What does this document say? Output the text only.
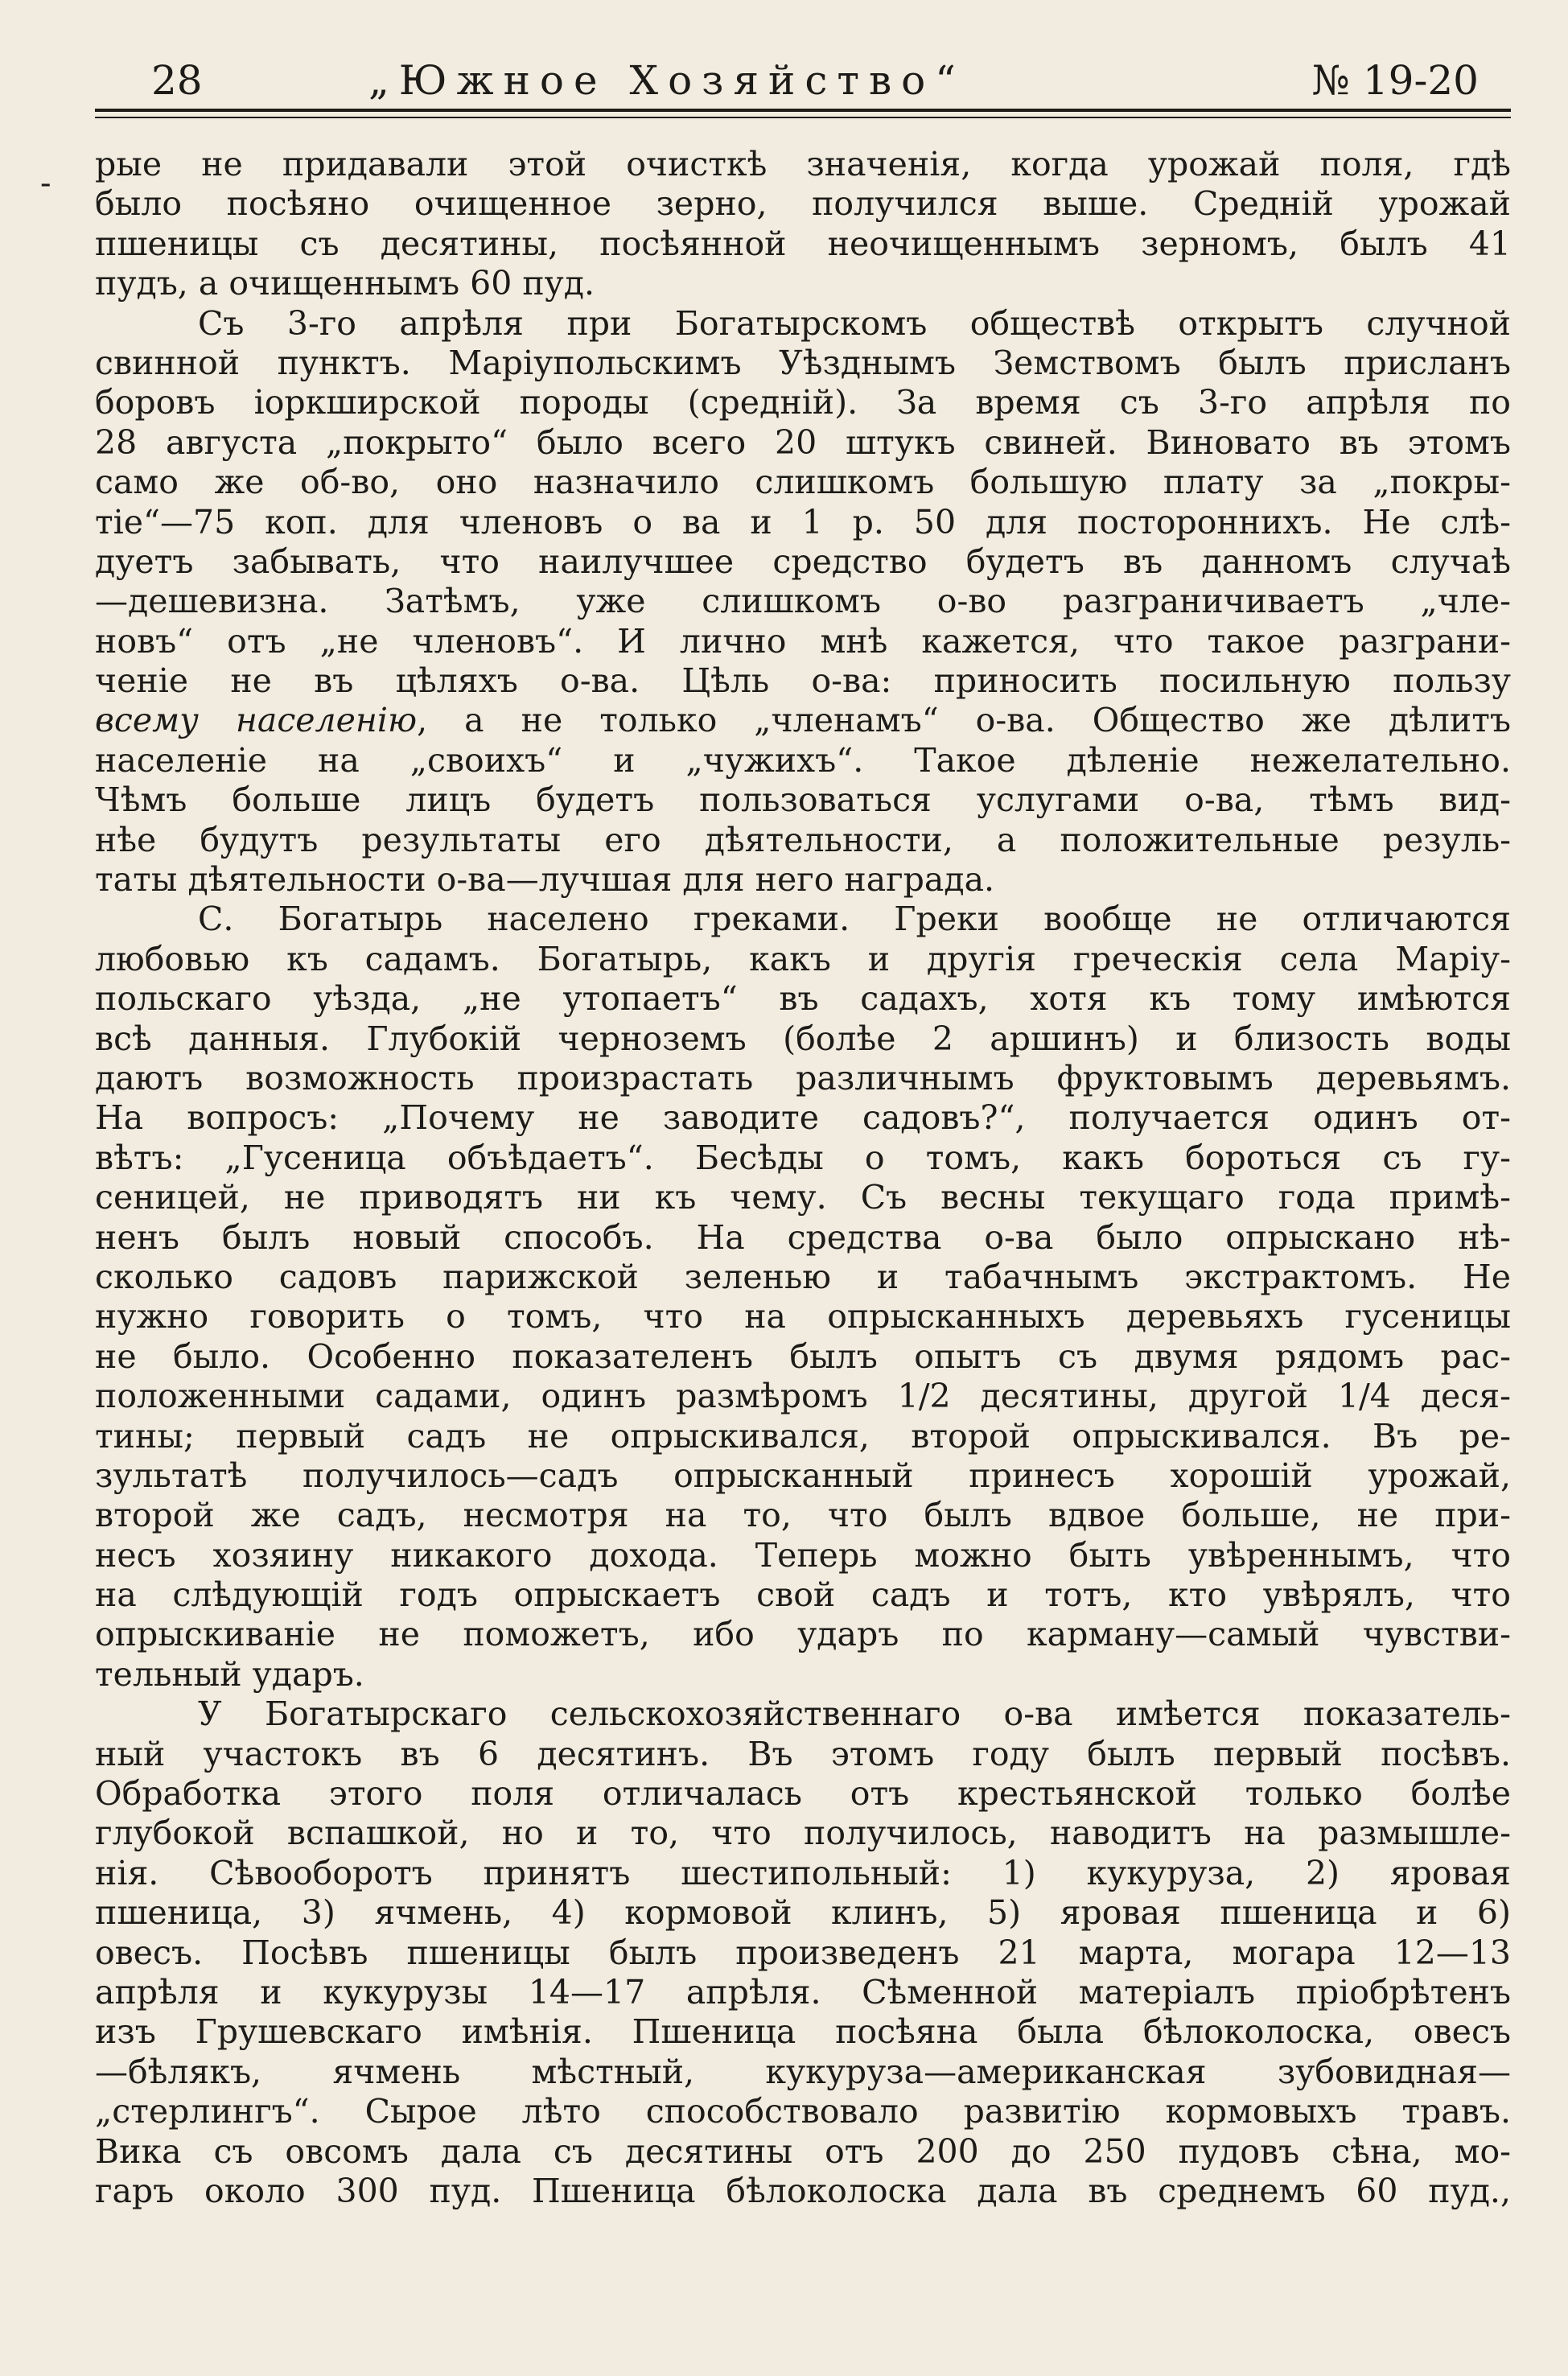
28	„Южное Хозяйство“	№ 19-20
- рые не придавали этой очисткѣ значенія, когда урожай поля, гдѣ
было посѣяно очищенное зерно, получился выше. Средній урожай
пшеницы съ десятины, посѣянной неочищеннымъ зерномъ, былъ 41
пудъ, а очищеннымъ 60 пуд.
Съ 3-го апрѣля при Богатырскомъ обществѣ открытъ случной
свинной пунктъ. Маріупольскимъ Уѣзднымъ Земствомъ былъ присланъ
боровъ іоркширской породы (средній). За время съ 3-го апрѣля по
28 августа „покрыто“ было всего 20 штукъ свиней. Виновато въ этомъ
само же об-во, оно назначило слишкомъ большую плату за „покры-
тіе“—75 коп. для членовъ о ва и 1 р. 50 для постороннихъ. Не слѣ-
дуетъ забывать, что наилучшее средство будетъ въ данномъ случаѣ
—дешевизна. Затѣмъ, уже слишкомъ о-во разграничиваетъ „чле-
новъ“ отъ „не членовъ“. И лично мнѣ кажется, что такое разграни-
ченіе не въ цѣляхъ о-ва. Цѣль о-ва: приносить посильную пользу
всему населенію, а не только „членамъ“ о-ва. Общество же дѣлитъ
населеніе на „своихъ“ и „чужихъ“. Такое дѣленіе нежелательно.
Чѣмъ больше лицъ будетъ пользоваться услугами о-ва, тѣмъ вид-
нѣе будутъ результаты его дѣятельности, а положительные резуль-
таты дѣятельности о-ва—лучшая для него награда.
С. Богатырь населено греками. Греки вообще не отличаются
любовью къ садамъ. Богатырь, какъ и другія греческія села Маріу-
польскаго уѣзда, „не утопаетъ“ въ садахъ, хотя къ тому имѣются
всѣ данныя. Глубокій черноземъ (болѣе 2 аршинъ) и близость воды
даютъ возможность произрастать различнымъ фруктовымъ деревьямъ.
На вопросъ: „Почему не заводите садовъ?“, получается одинъ от-
вѣтъ: „Гусеница объѣдаетъ“. Бесѣды о томъ, какъ бороться съ гу-
сеницей, не приводятъ ни къ чему. Съ весны текущаго года примѣ-
ненъ былъ новый способъ. На средства о-ва было опрыскано нѣ-
сколько садовъ парижской зеленью и табачнымъ экстрактомъ. Не
нужно говорить о томъ, что на опрысканныхъ деревьяхъ гусеницы
не было. Особенно показателенъ былъ опытъ съ двумя рядомъ рас-
положенными садами, одинъ размѣромъ 1/2 десятины, другой 1/4 деся-
тины; первый садъ не опрыскивался, второй опрыскивался. Въ ре-
зультатѣ получилось—садъ опрысканный принесъ хорошій урожай,
второй же садъ, несмотря на то, что былъ вдвое больше, не при-
несъ хозяину никакого дохода. Теперь можно быть увѣреннымъ, что
на слѣдующій годъ опрыскаетъ свой садъ и тотъ, кто увѣрялъ, что
опрыскиваніе не поможетъ, ибо ударъ по карману—самый чувстви-
тельный ударъ.
У Богатырскаго сельскохозяйственнаго о-ва имѣется показатель-
ный участокъ въ 6 десятинъ. Въ этомъ году былъ первый посѣвъ.
Обработка этого поля отличалась отъ крестьянской только болѣе
глубокой вспашкой, но и то, что получилось, наводитъ на размышле-
нія. Сѣвооборотъ принятъ шестипольный: 1) кукуруза, 2) яровая
пшеница, 3) ячмень, 4) кормовой клинъ, 5) яровая пшеница и 6)
овесъ. Посѣвъ пшеницы былъ произведенъ 21 марта, могара 12—13
апрѣля и кукурузы 14—17 апрѣля. Сѣменной матеріалъ пріобрѣтенъ
изъ Грушевскаго имѣнія. Пшеница посѣяна была бѣлоколоска, овесъ
—бѣлякъ, ячмень мѣстный, кукуруза—американская зубовидная—
„стерлингъ“. Сырое лѣто способствовало развитію кормовыхъ травъ.
Вика съ овсомъ дала съ десятины отъ 200 до 250 пудовъ сѣна, мо-
гаръ около 300 пуд. Пшеница бѣлоколоска дала въ среднемъ 60 пуд.,
